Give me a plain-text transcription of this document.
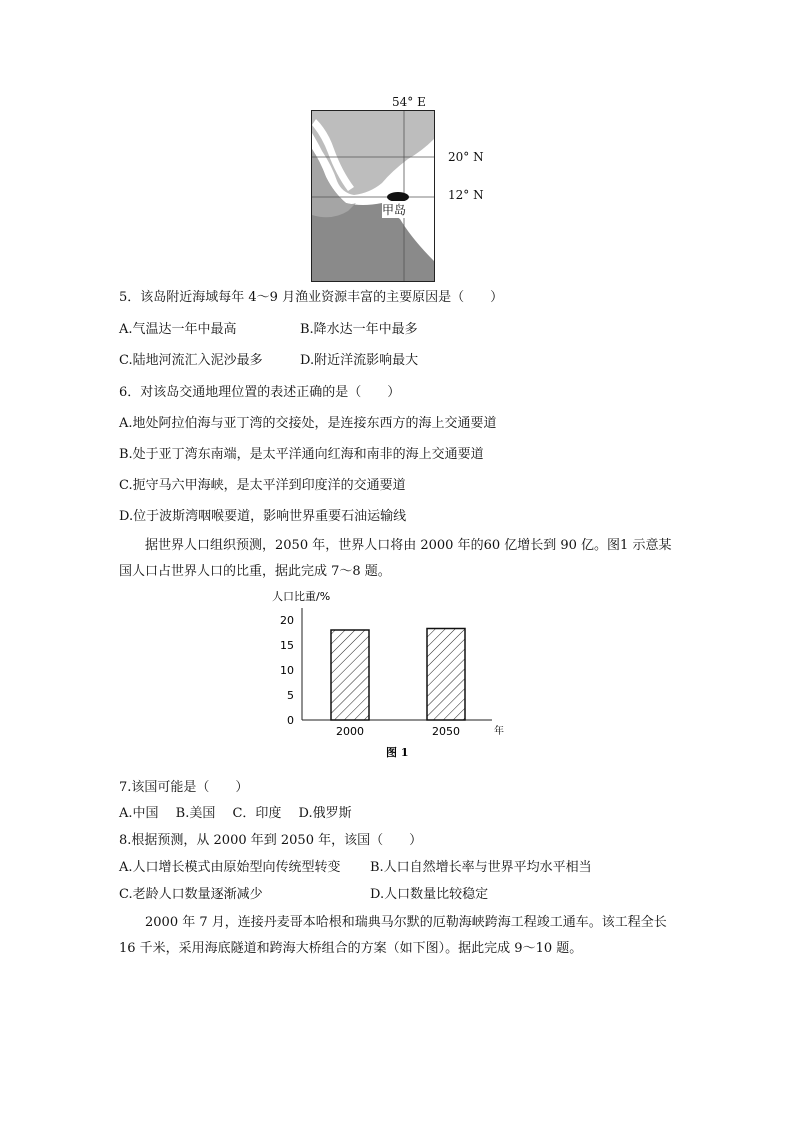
54° E
20° N
12° N
甲岛
5．该岛附近海域每年 4～9 月渔业资源丰富的主要原因是（　　）
A.气温达一年中最高	B.降水达一年中最多
C.陆地河流汇入泥沙最多	D.附近洋流影响最大
6．对该岛交通地理位置的表述正确的是（　　）
A.地处阿拉伯海与亚丁湾的交接处，是连接东西方的海上交通要道
B.处于亚丁湾东南端，是太平洋通向红海和南非的海上交通要道
C.扼守马六甲海峡，是太平洋到印度洋的交通要道
D.位于波斯湾咽喉要道，影响世界重要石油运输线
据世界人口组织预测，2050 年，世界人口将由 2000 年的60 亿增长到 90 亿。图1 示意某国人口占世界人口的比重，据此完成 7～8 题。
人口比重/%
年
图 1
20
15
10
5
0
2000	2050
7.该国可能是（　　）
A.中国　 B.美国　 C．印度　 D.俄罗斯
8.根据预测，从 2000 年到 2050 年，该国（　　）
A.人口增长模式由原始型向传统型转变 B.人口自然增长率与世界平均水平相当
C.老龄人口数量逐渐减少	D.人口数量比较稳定
2000 年 7 月，连接丹麦哥本哈根和瑞典马尔默的厄勒海峡跨海工程竣工通车。该工程全长 16 千米，采用海底隧道和跨海大桥组合的方案（如下图）。据此完成 9～10 题。
